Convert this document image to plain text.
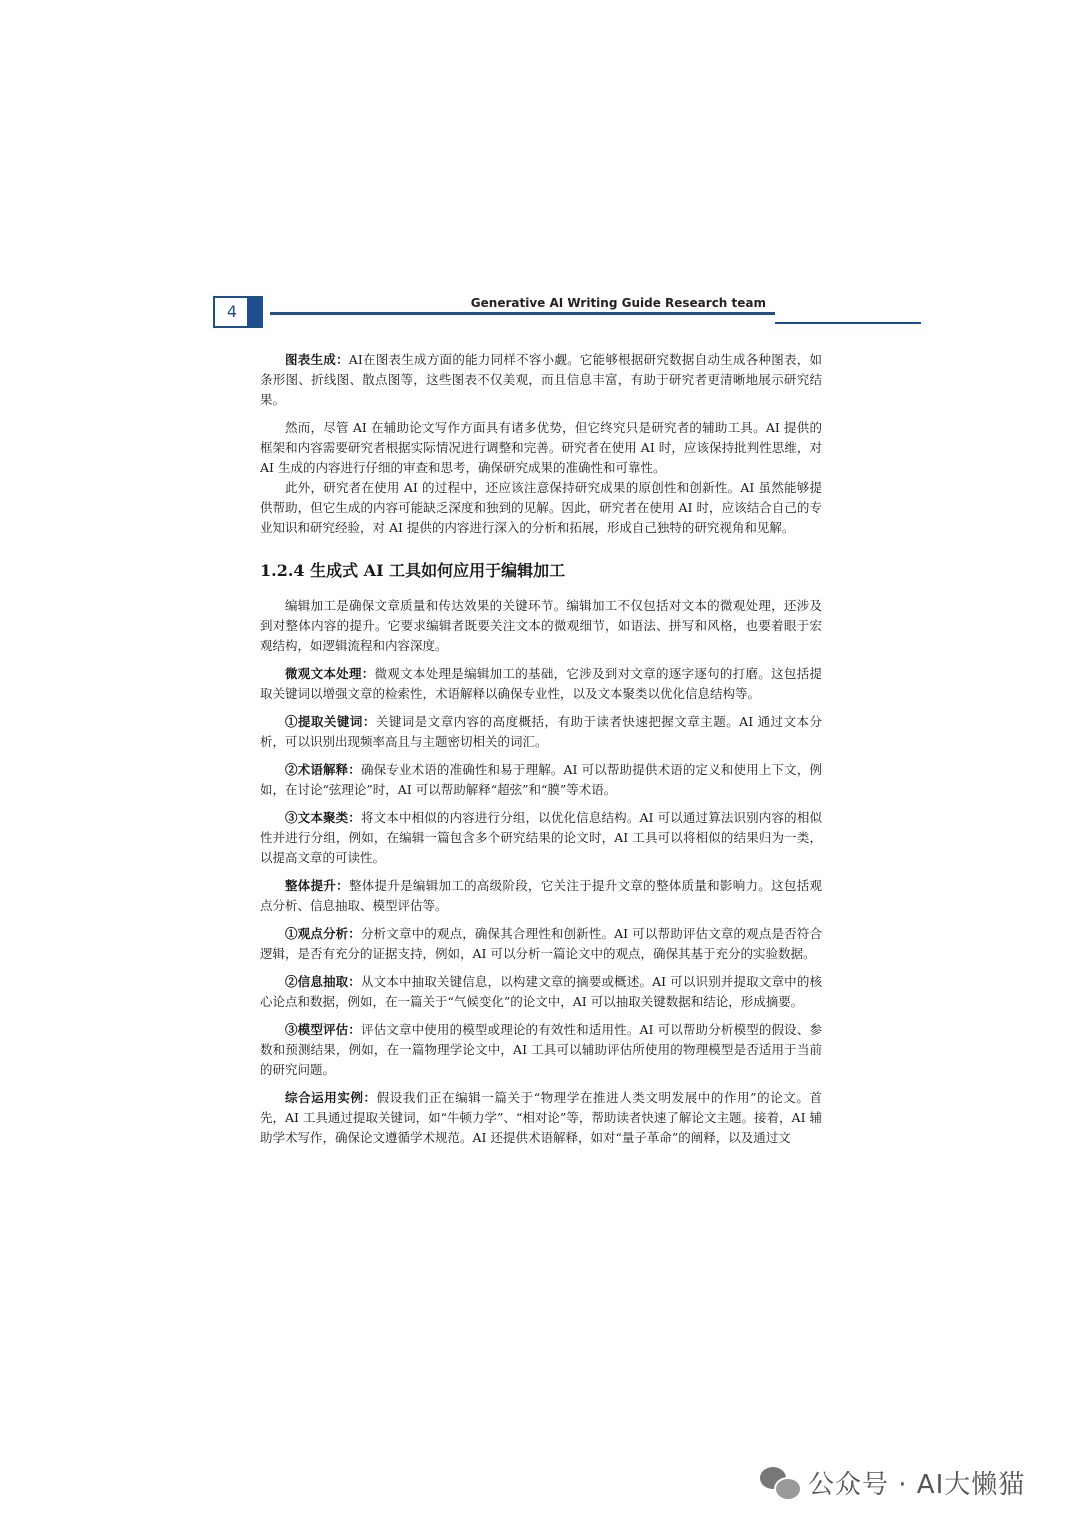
4	Generative AI Writing Guide Research team

图表生成：AI在图表生成方面的能力同样不容小觑。它能够根据研究数据自动生成各种图表，如条形图、折线图、散点图等，这些图表不仅美观，而且信息丰富，有助于研究者更清晰地展示研究结果。

然而，尽管 AI 在辅助论文写作方面具有诸多优势，但它终究只是研究者的辅助工具。AI 提供的框架和内容需要研究者根据实际情况进行调整和完善。研究者在使用 AI 时，应该保持批判性思维，对 AI 生成的内容进行仔细的审查和思考，确保研究成果的准确性和可靠性。

此外，研究者在使用 AI 的过程中，还应该注意保持研究成果的原创性和创新性。AI 虽然能够提供帮助，但它生成的内容可能缺乏深度和独到的见解。因此，研究者在使用 AI 时，应该结合自己的专业知识和研究经验，对 AI 提供的内容进行深入的分析和拓展，形成自己独特的研究视角和见解。

1.2.4 生成式 AI 工具如何应用于编辑加工

编辑加工是确保文章质量和传达效果的关键环节。编辑加工不仅包括对文本的微观处理，还涉及到对整体内容的提升。它要求编辑者既要关注文本的微观细节，如语法、拼写和风格，也要着眼于宏观结构，如逻辑流程和内容深度。

微观文本处理：微观文本处理是编辑加工的基础，它涉及到对文章的逐字逐句的打磨。这包括提取关键词以增强文章的检索性，术语解释以确保专业性，以及文本聚类以优化信息结构等。

①提取关键词：关键词是文章内容的高度概括，有助于读者快速把握文章主题。AI 通过文本分析，可以识别出现频率高且与主题密切相关的词汇。

②术语解释：确保专业术语的准确性和易于理解。AI 可以帮助提供术语的定义和使用上下文，例如，在讨论“弦理论”时，AI 可以帮助解释“超弦”和“膜”等术语。

③文本聚类：将文本中相似的内容进行分组，以优化信息结构。AI 可以通过算法识别内容的相似性并进行分组，例如，在编辑一篇包含多个研究结果的论文时，AI 工具可以将相似的结果归为一类，以提高文章的可读性。

整体提升：整体提升是编辑加工的高级阶段，它关注于提升文章的整体质量和影响力。这包括观点分析、信息抽取、模型评估等。

①观点分析：分析文章中的观点，确保其合理性和创新性。AI 可以帮助评估文章的观点是否符合逻辑，是否有充分的证据支持，例如，AI 可以分析一篇论文中的观点，确保其基于充分的实验数据。

②信息抽取：从文本中抽取关键信息，以构建文章的摘要或概述。AI 可以识别并提取文章中的核心论点和数据，例如，在一篇关于“气候变化”的论文中，AI 可以抽取关键数据和结论，形成摘要。

③模型评估：评估文章中使用的模型或理论的有效性和适用性。AI 可以帮助分析模型的假设、参数和预测结果，例如，在一篇物理学论文中，AI 工具可以辅助评估所使用的物理模型是否适用于当前的研究问题。

综合运用实例：假设我们正在编辑一篇关于“物理学在推进人类文明发展中的作用”的论文。首先，AI 工具通过提取关键词，如“牛顿力学”、“相对论”等，帮助读者快速了解论文主题。接着，AI 辅助学术写作，确保论文遵循学术规范。AI 还提供术语解释，如对“量子革命”的阐释，以及通过文

公众号 · AI大懒猫
